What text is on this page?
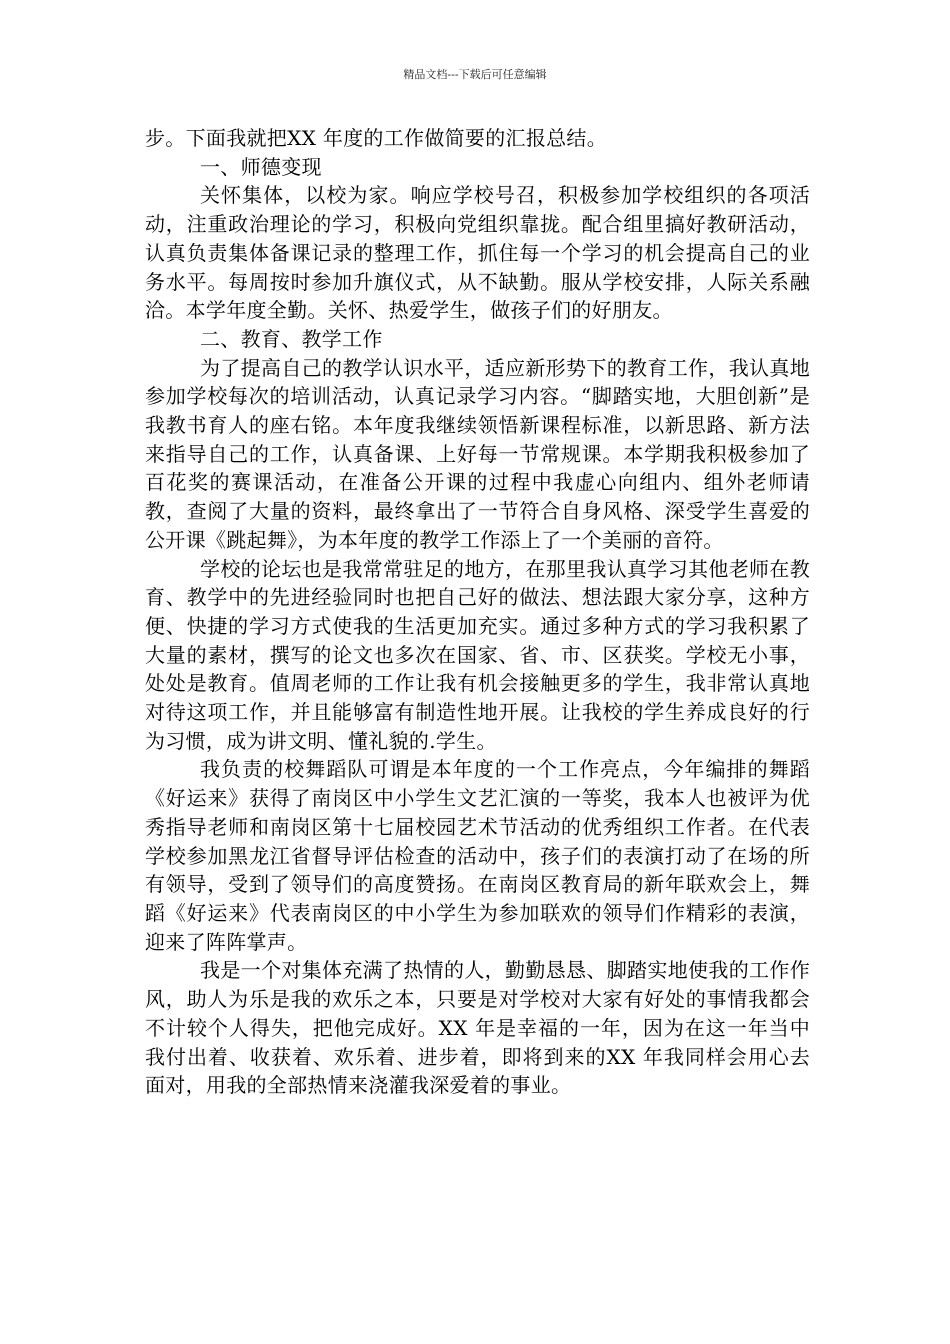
精品文档---下载后可任意编辑

步。下面我就把XX 年度的工作做简要的汇报总结。

一、师德变现

关怀集体，以校为家。响应学校号召，积极参加学校组织的各项活动，注重政治理论的学习，积极向党组织靠拢。配合组里搞好教研活动，认真负责集体备课记录的整理工作，抓住每一个学习的机会提高自己的业务水平。每周按时参加升旗仪式，从不缺勤。服从学校安排，人际关系融洽。本学年度全勤。关怀、热爱学生，做孩子们的好朋友。

二、教育、教学工作

为了提高自己的教学认识水平，适应新形势下的教育工作，我认真地参加学校每次的培训活动，认真记录学习内容。“脚踏实地，大胆创新”是我教书育人的座右铭。本年度我继续领悟新课程标准，以新思路、新方法来指导自己的工作，认真备课、上好每一节常规课。本学期我积极参加了百花奖的赛课活动，在准备公开课的过程中我虚心向组内、组外老师请教，查阅了大量的资料，最终拿出了一节符合自身风格、深受学生喜爱的公开课《跳起舞》，为本年度的教学工作添上了一个美丽的音符。

学校的论坛也是我常常驻足的地方，在那里我认真学习其他老师在教育、教学中的先进经验同时也把自己好的做法、想法跟大家分享，这种方便、快捷的学习方式使我的生活更加充实。通过多种方式的学习我积累了大量的素材，撰写的论文也多次在国家、省、市、区获奖。学校无小事，处处是教育。值周老师的工作让我有机会接触更多的学生，我非常认真地对待这项工作，并且能够富有制造性地开展。让我校的学生养成良好的行为习惯，成为讲文明、懂礼貌的.学生。

我负责的校舞蹈队可谓是本年度的一个工作亮点，今年编排的舞蹈《好运来》获得了南岗区中小学生文艺汇演的一等奖，我本人也被评为优秀指导老师和南岗区第十七届校园艺术节活动的优秀组织工作者。在代表学校参加黑龙江省督导评估检查的活动中，孩子们的表演打动了在场的所有领导，受到了领导们的高度赞扬。在南岗区教育局的新年联欢会上，舞蹈《好运来》代表南岗区的中小学生为参加联欢的领导们作精彩的表演，迎来了阵阵掌声。

我是一个对集体充满了热情的人，勤勤恳恳、脚踏实地使我的工作作风，助人为乐是我的欢乐之本，只要是对学校对大家有好处的事情我都会不计较个人得失，把他完成好。XX 年是幸福的一年，因为在这一年当中我付出着、收获着、欢乐着、进步着，即将到来的XX 年我同样会用心去面对，用我的全部热情来浇灌我深爱着的事业。
